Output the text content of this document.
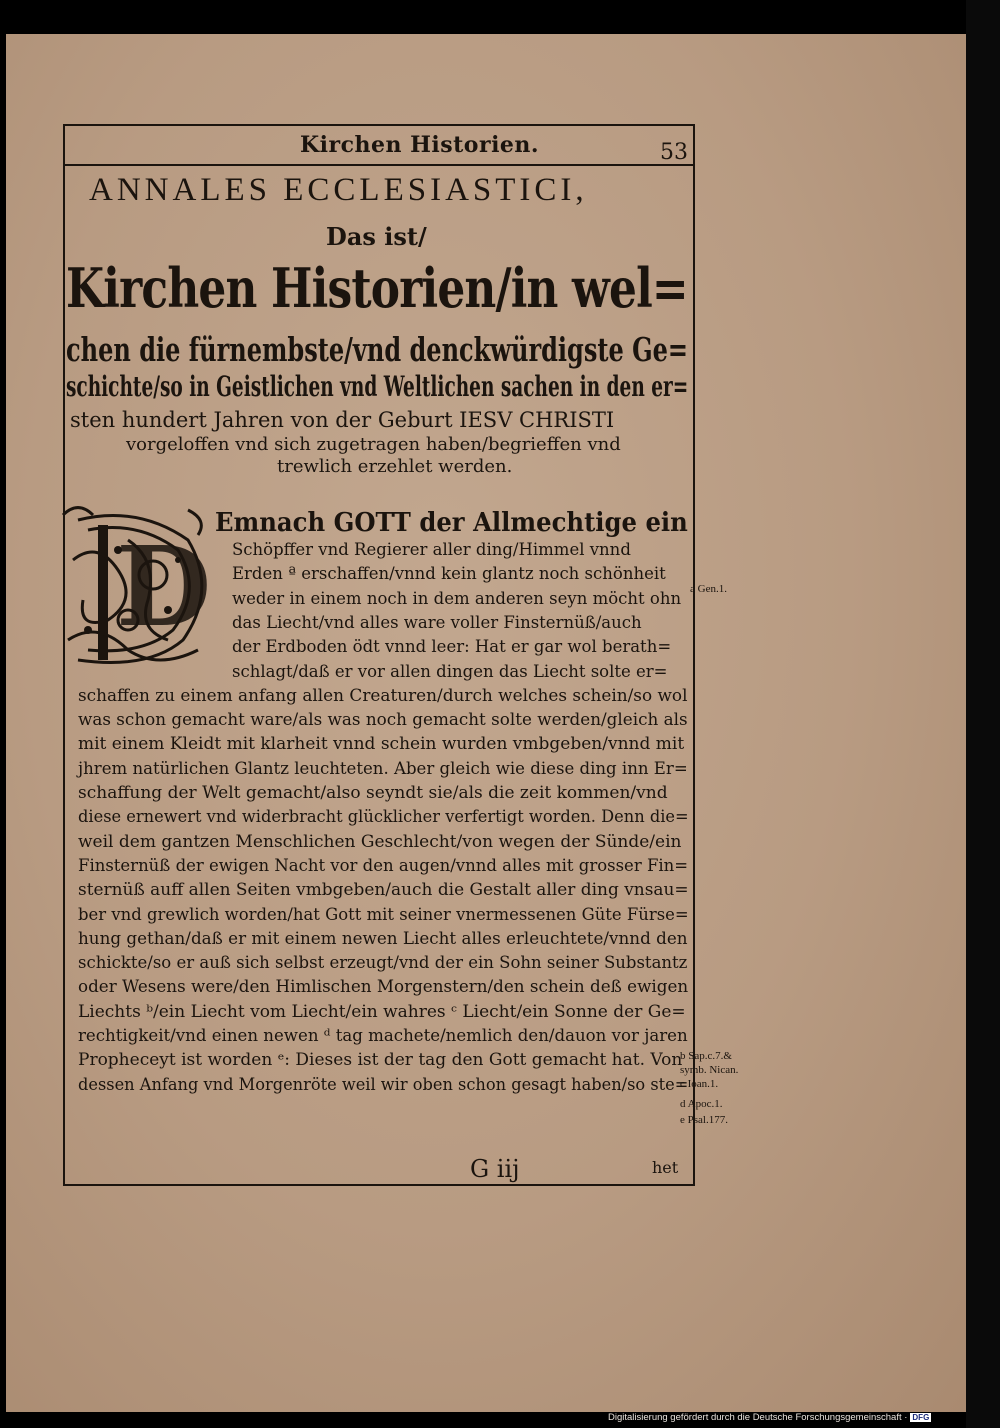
Kirchen Historien.	53
ANNALES ECCLESIASTICI,
Das ist/
Kirchen Historien/in wel=
chen die fürnembste/vnd denckwürdigste Ge=
schichte/so in Geistlichen vnd Weltlichen sachen in den er=
sten hundert Jahren von der Geburt IESV CHRISTI
vorgeloffen vnd sich zugetragen haben/begrieffen vnd
trewlich erzehlet werden.
D Emnach GOTT der Allmechtige ein
Schöpffer vnd Regierer aller ding/Himmel vnnd
Erden ª erschaffen/vnnd kein glantz noch schönheit
weder in einem noch in dem anderen seyn möcht ohn
das Liecht/vnd alles ware voller Finsternüß/auch
der Erdboden ödt vnnd leer: Hat er gar wol berath=
schlagt/daß er vor allen dingen das Liecht solte er=
schaffen zu einem anfang allen Creaturen/durch welches schein/so wol
was schon gemacht ware/als was noch gemacht solte werden/gleich als
mit einem Kleidt mit klarheit vnnd schein wurden vmbgeben/vnnd mit
jhrem natürlichen Glantz leuchteten. Aber gleich wie diese ding inn Er=
schaffung der Welt gemacht/also seyndt sie/als die zeit kommen/vnd
diese ernewert vnd widerbracht glücklicher verfertigt worden. Denn die=
weil dem gantzen Menschlichen Geschlecht/von wegen der Sünde/ein
Finsternüß der ewigen Nacht vor den augen/vnnd alles mit grosser Fin=
sternüß auff allen Seiten vmbgeben/auch die Gestalt aller ding vnsau=
ber vnd grewlich worden/hat Gott mit seiner vnermessenen Güte Fürse=
hung gethan/daß er mit einem newen Liecht alles erleuchtete/vnnd den
schickte/so er auß sich selbst erzeugt/vnd der ein Sohn seiner Substantz
oder Wesens were/den Himlischen Morgenstern/den schein deß ewigen
Liechts ᵇ/ein Liecht vom Liecht/ein wahres ᶜ Liecht/ein Sonne der Ge=
rechtigkeit/vnd einen newen ᵈ tag machete/nemlich den/dauon vor jaren
Propheceyt ist worden ᵉ: Dieses ist der tag den Gott gemacht hat. Von
dessen Anfang vnd Morgenröte weil wir oben schon gesagt haben/so ste=
a Gen.1.
b Sap.c.7.&
symb. Nican.
c Ioan.1.
d Apoc.1.
e Psal.177.
G iij	het
Digitalisierung gefördert durch die Deutsche Forschungsgemeinschaft · DFG
